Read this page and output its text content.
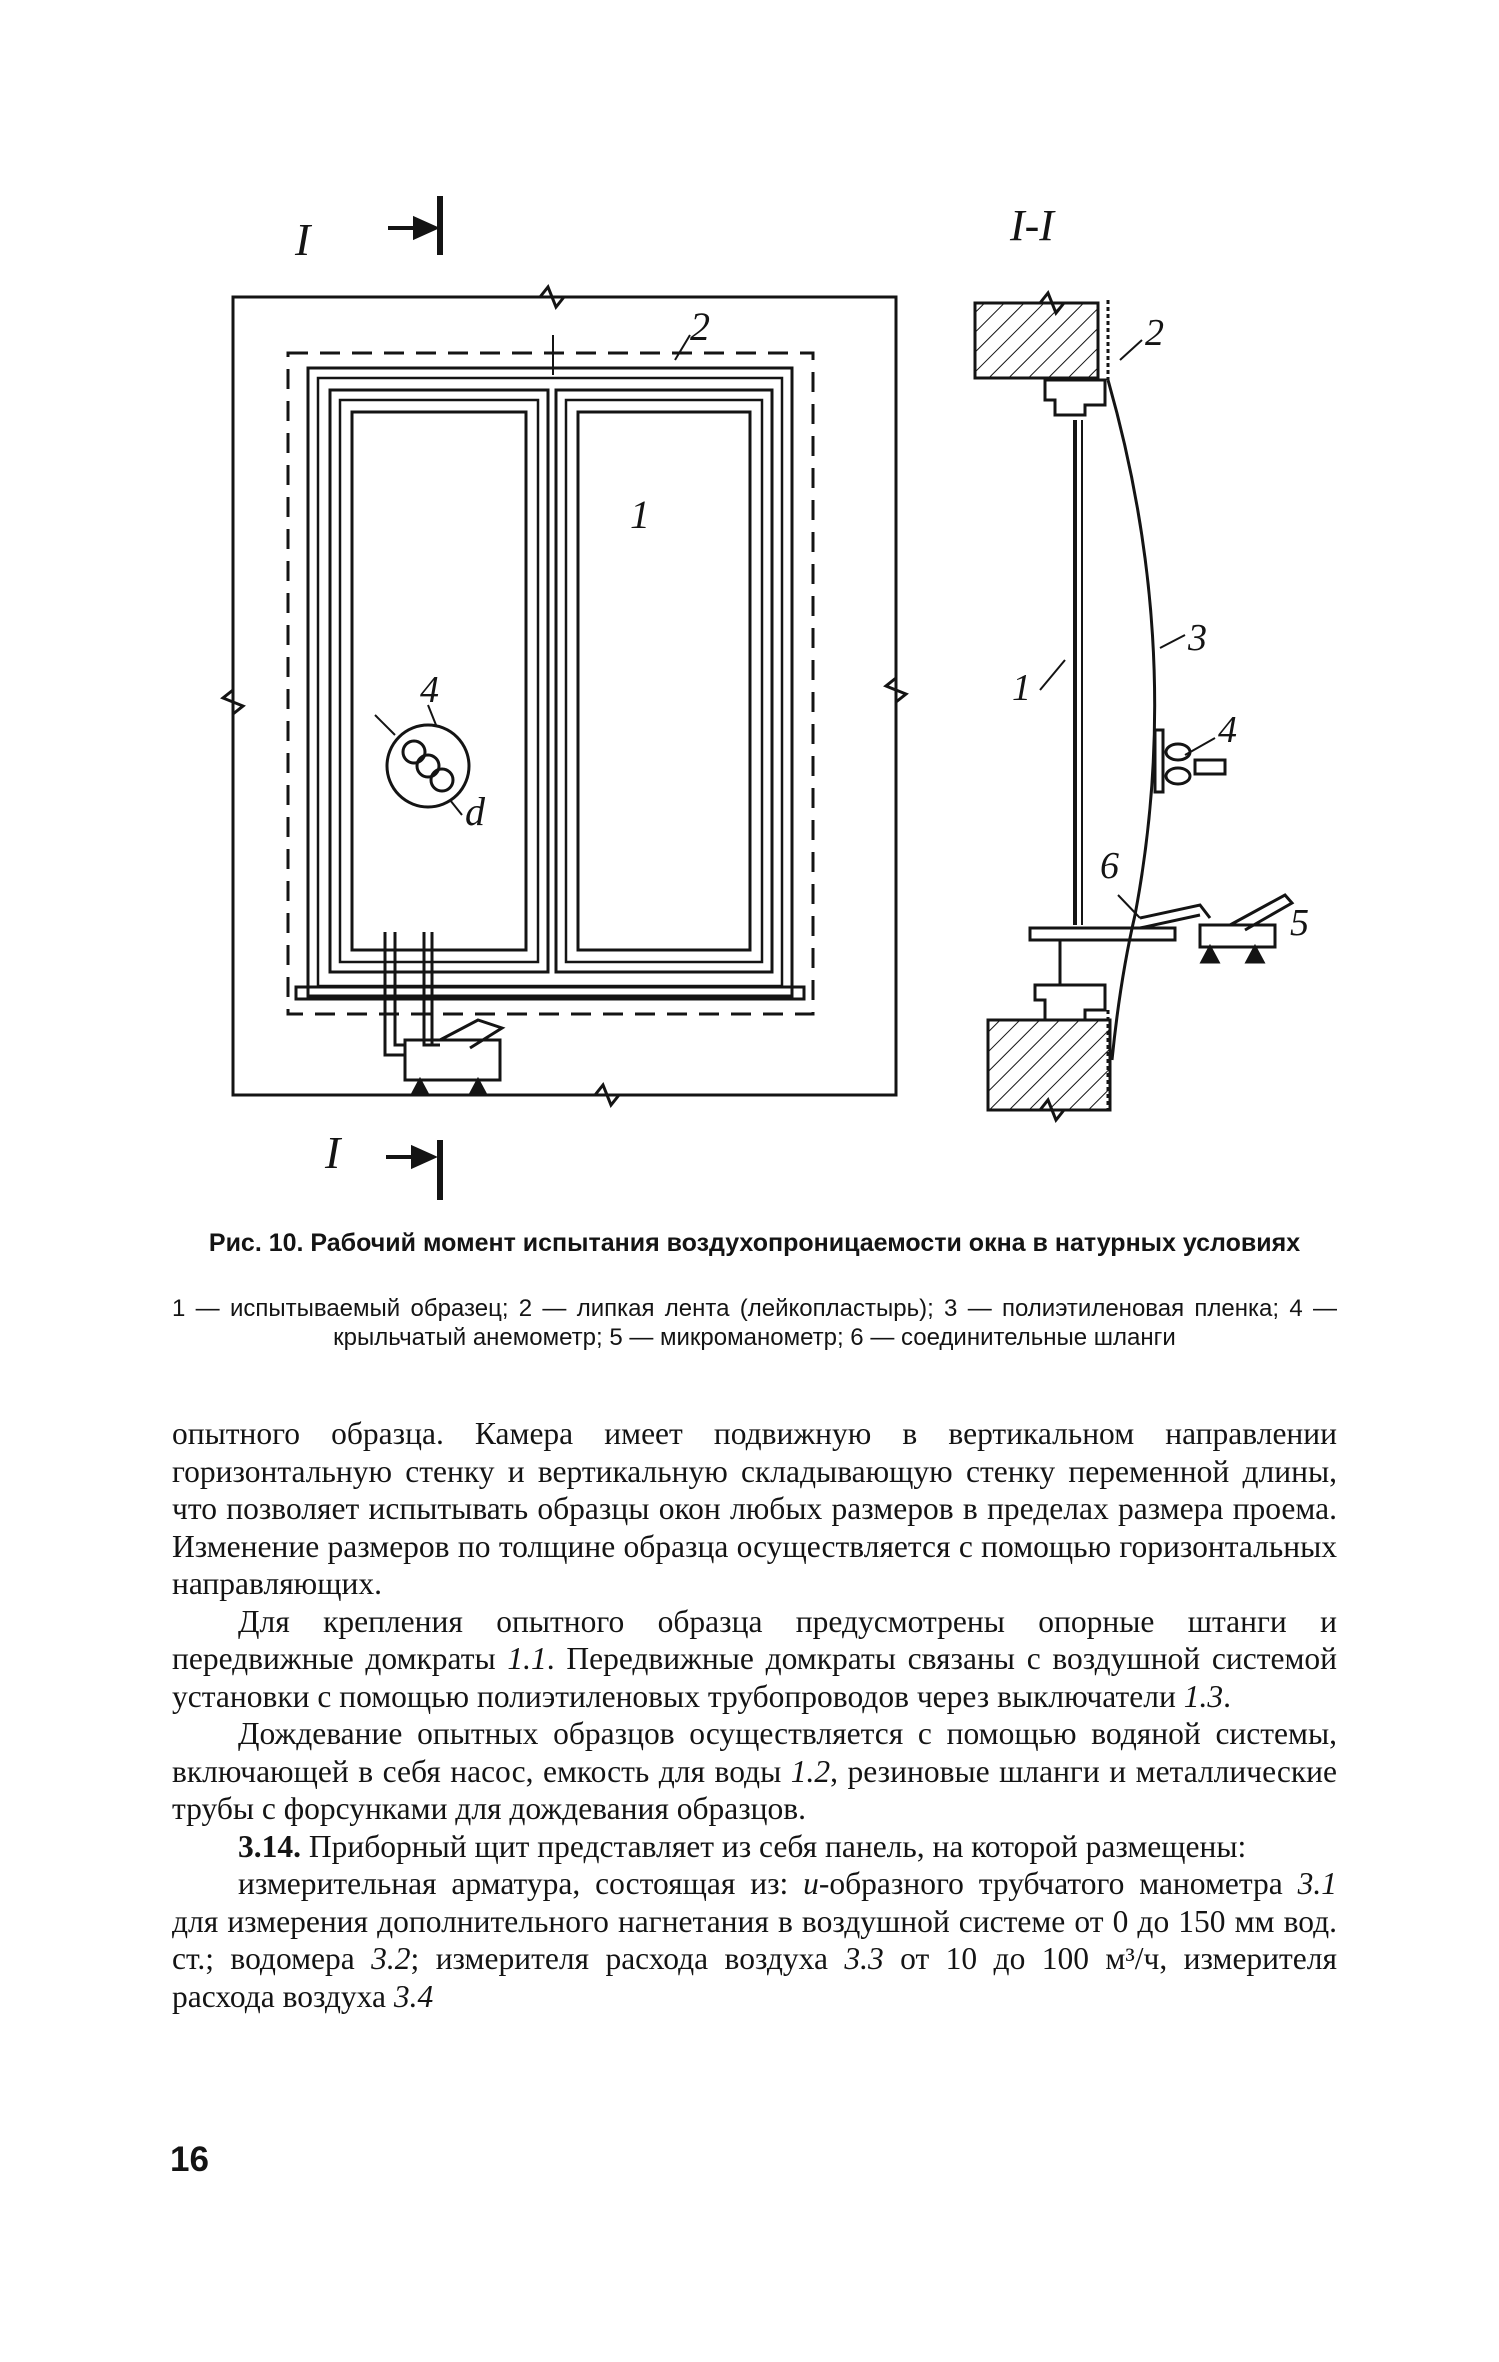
I
I
2
1
4
d
I-I
2
3
1
4
5
6

Рис. 10. Рабочий момент испытания воздухопроницаемости окна в натурных условиях

1 — испытываемый образец; 2 — липкая лента (лейкопластырь); 3 — полиэтиленовая пленка; 4 — крыльчатый анемометр; 5 — микроманометр; 6 — соединительные шланги

опытного образца. Камера имеет подвижную в вертикальном направлении горизонтальную стенку и вертикальную складывающую стенку переменной длины, что позволяет испытывать образцы окон любых размеров в пределах размера проема. Изменение размеров по толщине образца осуществляется с помощью горизонтальных направляющих.

Для крепления опытного образца предусмотрены опорные штанги и передвижные домкраты 1.1. Передвижные домкраты связаны с воздушной системой установки с помощью полиэтиленовых трубопроводов через выключатели 1.3.

Дождевание опытных образцов осуществляется с помощью водяной системы, включающей в себя насос, емкость для воды 1.2, резиновые шланги и металлические трубы с форсунками для дождевания образцов.

3.14. Приборный щит представляет из себя панель, на которой размещены:

измерительная арматура, состоящая из: u-образного трубчатого манометра 3.1 для измерения дополнительного нагнетания в воздушной системе от 0 до 150 мм вод. ст.; водомера 3.2; измерителя расхода воздуха 3.3 от 10 до 100 м³/ч, измерителя расхода воздуха 3.4

16
